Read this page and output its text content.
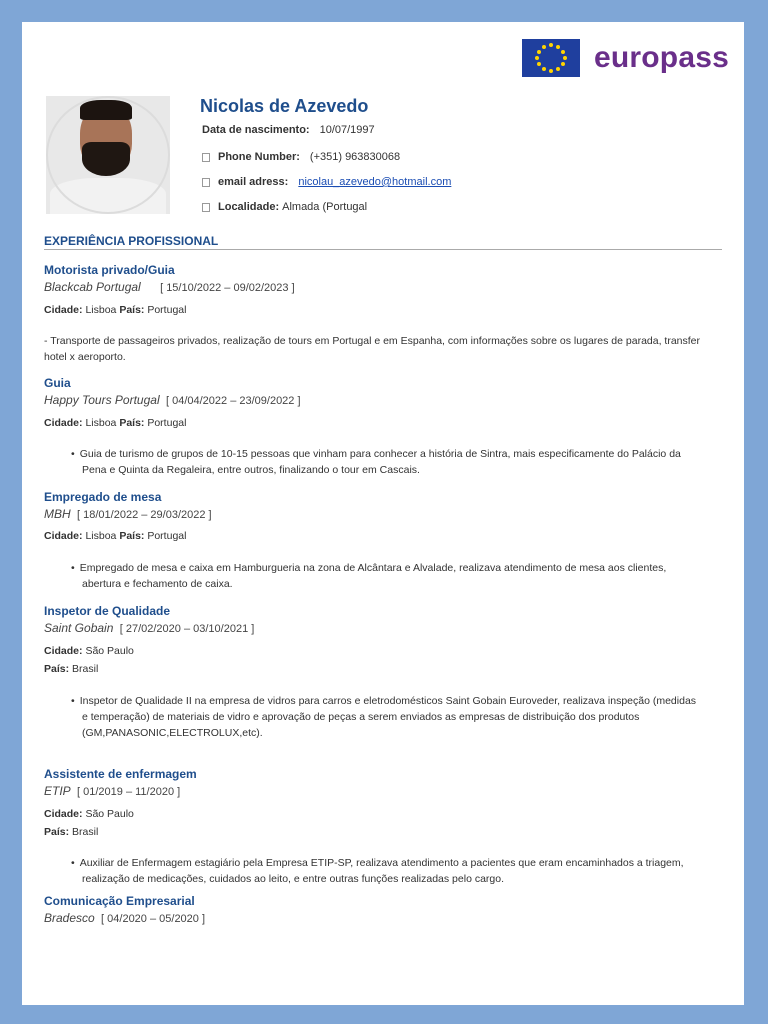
europass
Nicolas de Azevedo
Data de nascimento: 10/07/1997
Phone Number: (+351) 963830068
email adress: nicolau_azevedo@hotmail.com
Localidade: Almada (Portugal
EXPERIÊNCIA PROFISSIONAL
Motorista privado/Guia
Blackcab Portugal [ 15/10/2022 – 09/02/2023 ]
Cidade: Lisboa País: Portugal
- Transporte de passageiros privados, realização de tours em Portugal e em Espanha, com informações sobre os lugares de parada, transfer hotel x aeroporto.
Guia
Happy Tours Portugal [ 04/04/2022 – 23/09/2022 ]
Cidade: Lisboa País: Portugal
• Guia de turismo de grupos de 10-15 pessoas que vinham para conhecer a história de Sintra, mais especificamente do Palácio da Pena e Quinta da Regaleira, entre outros, finalizando o tour em Cascais.
Empregado de mesa
MBH [ 18/01/2022 – 29/03/2022 ]
Cidade: Lisboa País: Portugal
• Empregado de mesa e caixa em Hamburgueria na zona de Alcântara e Alvalade, realizava atendimento de mesa aos clientes, abertura e fechamento de caixa.
Inspetor de Qualidade
Saint Gobain [ 27/02/2020 – 03/10/2021 ]
Cidade: São Paulo
País: Brasil
• Inspetor de Qualidade II na empresa de vidros para carros e eletrodomésticos Saint Gobain Euroveder, realizava inspeção (medidas e temperação) de materiais de vidro e aprovação de peças a serem enviados as empresas de distribuição dos produtos (GM,PANASONIC,ELECTROLUX,etc).
Assistente de enfermagem
ETIP [ 01/2019 – 11/2020 ]
Cidade: São Paulo
País: Brasil
• Auxiliar de Enfermagem estagiário pela Empresa ETIP-SP, realizava atendimento a pacientes que eram encaminhados a triagem, realização de medicações, cuidados ao leito, e entre outras funções realizadas pelo cargo.
Comunicação Empresarial
Bradesco [ 04/2020 – 05/2020 ]
